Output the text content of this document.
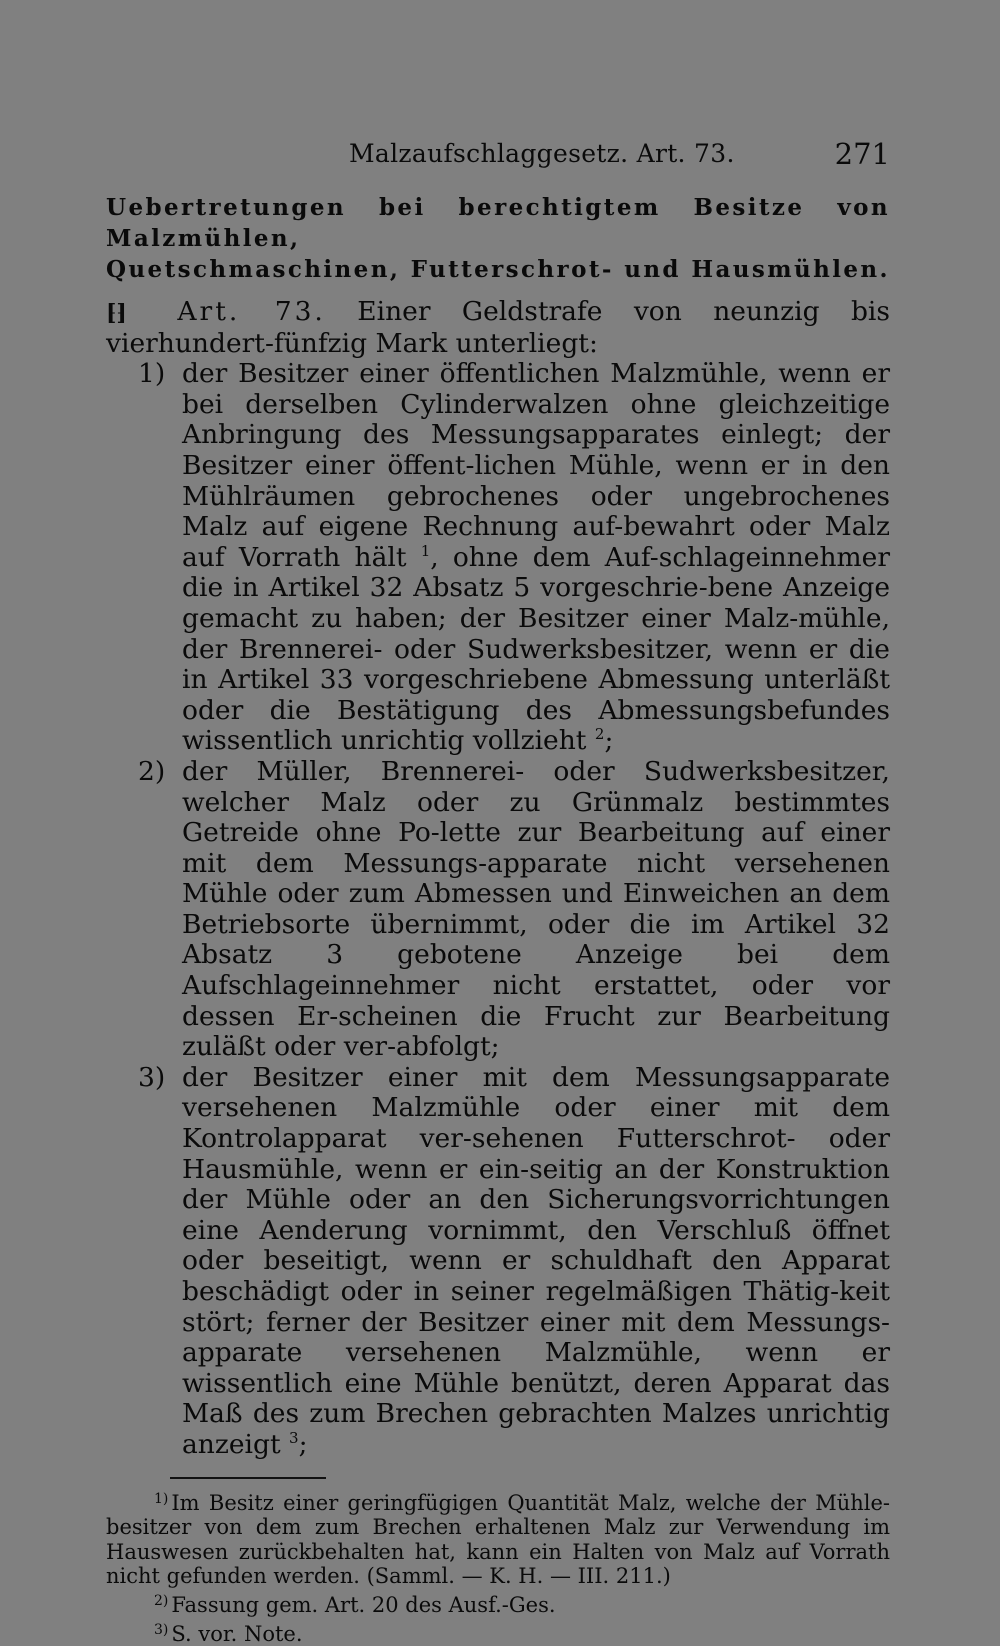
Malzaufschlaggesetz. Art. 73.	271
Uebertretungen bei berechtigtem Besitze von Malzmühlen,
Quetschmaschinen, Futterschrot- und Hausmühlen.
⁅⁆ Art. 73. Einer Geldstrafe von neunzig bis vierhundert-fünfzig Mark unterliegt:
1) der Besitzer einer öffentlichen Malzmühle, wenn er bei derselben Cylinderwalzen ohne gleichzeitige Anbringung des Messungsapparates einlegt; der Besitzer einer öffent-lichen Mühle, wenn er in den Mühlräumen gebrochenes oder ungebrochenes Malz auf eigene Rechnung auf-bewahrt oder Malz auf Vorrath hält $^1$, ohne dem Auf-schlageinnehmer die in Artikel 32 Absatz 5 vorgeschrie-bene Anzeige gemacht zu haben; der Besitzer einer Malz-mühle, der Brennerei- oder Sudwerksbesitzer, wenn er die in Artikel 33 vorgeschriebene Abmessung unterläßt oder die Bestätigung des Abmessungsbefundes wissentlich unrichtig vollzieht $^2$;
2) der Müller, Brennerei- oder Sudwerksbesitzer, welcher Malz oder zu Grünmalz bestimmtes Getreide ohne Po-lette zur Bearbeitung auf einer mit dem Messungs-apparate nicht versehenen Mühle oder zum Abmessen und Einweichen an dem Betriebsorte übernimmt, oder die im Artikel 32 Absatz 3 gebotene Anzeige bei dem Aufschlageinnehmer nicht erstattet, oder vor dessen Er-scheinen die Frucht zur Bearbeitung zuläßt oder ver-abfolgt;
3) der Besitzer einer mit dem Messungsapparate versehenen Malzmühle oder einer mit dem Kontrolapparat ver-sehenen Futterschrot- oder Hausmühle, wenn er ein-seitig an der Konstruktion der Mühle oder an den Sicherungsvorrichtungen eine Aenderung vornimmt, den Verschluß öffnet oder beseitigt, wenn er schuldhaft den Apparat beschädigt oder in seiner regelmäßigen Thätig-keit stört; ferner der Besitzer einer mit dem Messungs-apparate versehenen Malzmühle, wenn er wissentlich eine Mühle benützt, deren Apparat das Maß des zum Brechen gebrachten Malzes unrichtig anzeigt $^3$;
$^{1)}$ Im Besitz einer geringfügigen Quantität Malz, welche der Mühle-besitzer von dem zum Brechen erhaltenen Malz zur Verwendung im Hauswesen zurückbehalten hat, kann ein Halten von Malz auf Vorrath nicht gefunden werden. (Samml. — K. H. — III. 211.)
$^{2)}$ Fassung gem. Art. 20 des Ausf.-Ges.
$^{3)}$ S. vor. Note.
